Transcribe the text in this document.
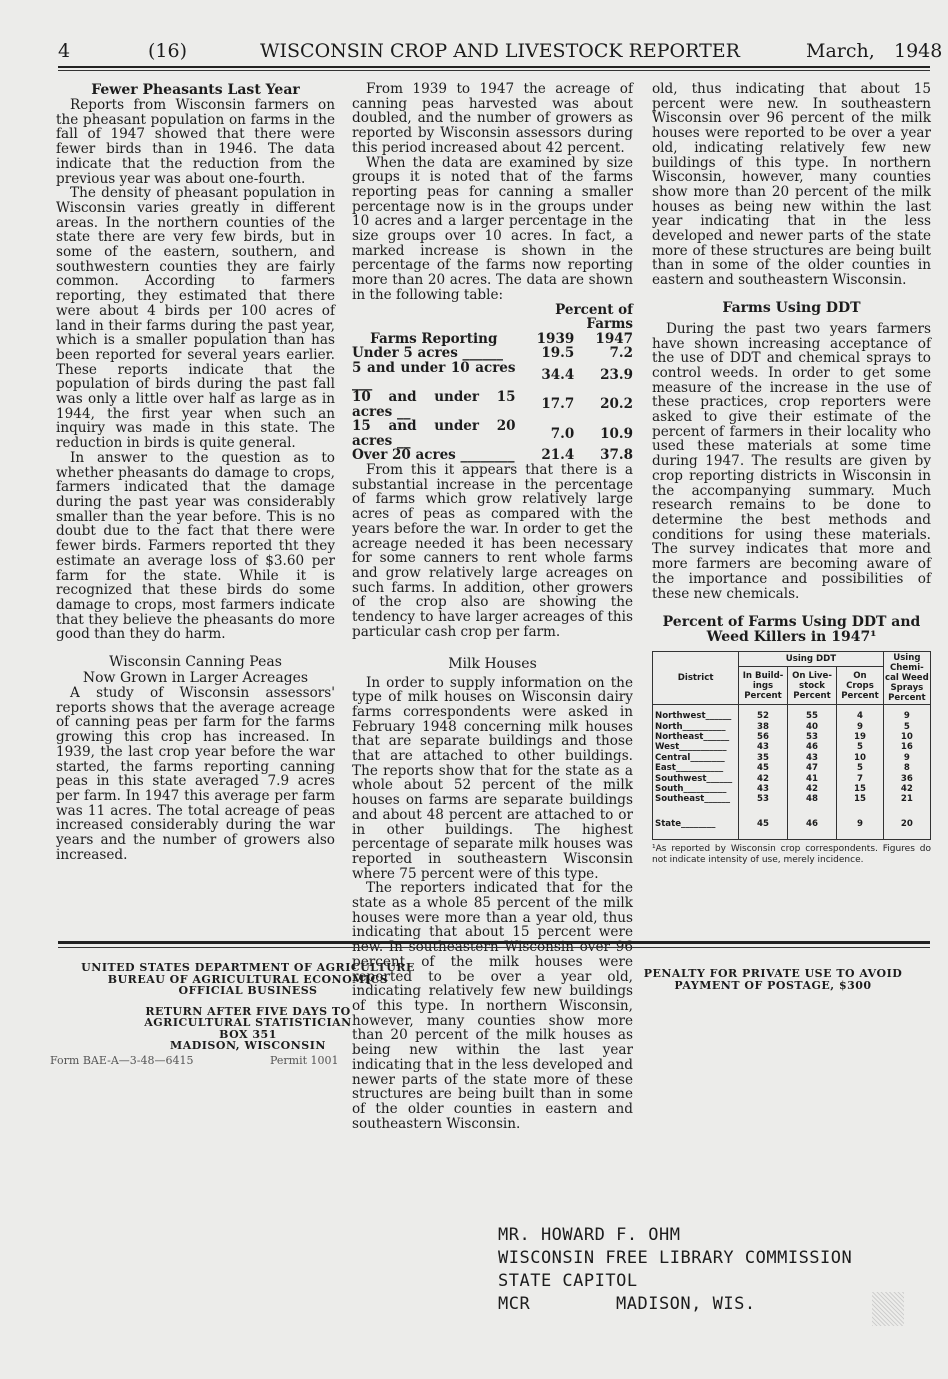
4	(16)	WISCONSIN CROP AND LIVESTOCK REPORTER	March, 1948
Fewer Pheasants Last Year

Reports from Wisconsin farmers on the pheasant population on farms in the fall of 1947 showed that there were fewer birds than in 1946. The data indicate that the reduction from the previous year was about one-fourth.

The density of pheasant population in Wisconsin varies greatly in different areas. In the northern counties of the state there are very few birds, but in some of the eastern, southern, and southwestern counties they are fairly common. According to farmers reporting, they estimated that there were about 4 birds per 100 acres of land in their farms during the past year, which is a smaller population than has been reported for several years earlier. These reports indicate that the population of birds during the past fall was only a little over half as large as in 1944, the first year when such an inquiry was made in this state. The reduction in birds is quite general.

In answer to the question as to whether pheasants do damage to crops, farmers indicated that the damage during the past year was considerably smaller than the year before. This is no doubt due to the fact that there were fewer birds. Farmers reported tht they estimate an average loss of $3.60 per farm for the state. While it is recognized that these birds do some damage to crops, most farmers indicate that they believe the pheasants do more good than they do harm.

Wisconsin Canning Peas
Now Grown in Larger Acreages

A study of Wisconsin assessors' reports shows that the average acreage of canning peas per farm for the farms growing this crop has increased. In 1939, the last crop year before the war started, the farms reporting canning peas in this state averaged 7.9 acres per farm. In 1947 this average per farm was 11 acres. The total acreage of peas increased considerably during the war years and the number of growers also increased.

From 1939 to 1947 the acreage of canning peas harvested was about doubled, and the number of growers as reported by Wisconsin assessors during this period increased about 42 percent.

When the data are examined by size groups it is noted that of the farms reporting peas for canning a smaller percentage now is in the groups under 10 acres and a larger percentage in the size groups over 10 acres. In fact, a marked increase is shown in the percentage of the farms now reporting more than 20 acres. The data are shown in the following table:

	Percent of Farms	
Farms Reporting	1939	1947
Under 5 acres ______	19.5	7.2
5 and under 10 acres ___	34.4	23.9
10 and under 15 acres __	17.7	20.2
15 and under 20 acres __	7.0	10.9
Over 20 acres ________	21.4	37.8

From this it appears that there is a substantial increase in the percentage of farms which grow relatively large acres of peas as compared with the years before the war. In order to get the acreage needed it has been necessary for some canners to rent whole farms and grow relatively large acreages on such farms. In addition, other growers of the crop also are showing the tendency to have larger acreages of this particular cash crop per farm.

Milk Houses

In order to supply information on the type of milk houses on Wisconsin dairy farms correspondents were asked in February 1948 concerning milk houses that are separate buildings and those that are attached to other buildings. The reports show that for the state as a whole about 52 percent of the milk houses on farms are separate buildings and about 48 percent are attached to or in other buildings. The highest percentage of separate milk houses was reported in southeastern Wisconsin where 75 percent were of this type.

The reporters indicated that for the state as a whole 85 percent of the milk houses were more than a year old, thus indicating that about 15 percent were new. In southeastern Wisconsin over 96 percent of the milk houses were reported to be over a year old, indicating relatively few new buildings of this type. In northern Wisconsin, however, many counties show more than 20 percent of the milk houses as being new within the last year indicating that in the less developed and newer parts of the state more of these structures are being built than in some of the older counties in eastern and southeastern Wisconsin.

old, thus indicating that about 15 percent were new. In southeastern Wisconsin over 96 percent of the milk houses were reported to be over a year old, indicating relatively few new buildings of this type. In northern Wisconsin, however, many counties show more than 20 percent of the milk houses as being new within the last year indicating that in the less developed and newer parts of the state more of these structures are being built than in some of the older counties in eastern and southeastern Wisconsin.

Farms Using DDT

During the past two years farmers have shown increasing acceptance of the use of DDT and chemical sprays to control weeds. In order to get some measure of the increase in the use of these practices, crop reporters were asked to give their estimate of the percent of farmers in their locality who used these materials at some time during 1947. The results are given by crop reporting districts in Wisconsin in the accompanying summary. Much research remains to be done to determine the best methods and conditions for using these materials. The survey indicates that more and more farmers are becoming aware of the importance and possibilities of these new chemicals.

Percent of Farms Using DDT and Weed Killers in 1947¹
District	Using DDT			Using Chemi-cal Weed Sprays Percent
	In Build-ings Percent	On Live-stock Percent	On Crops Percent	
Northwest______	52	55	4	9
North__________	38	40	9	5
Northeast______	56	53	19	10
West___________	43	46	5	16
Central________	35	43	10	9
East___________	45	47	5	8
Southwest______	42	41	7	36
South__________	43	42	15	42
Southeast______	53	48	15	21
State________	45	46	9	20
¹As reported by Wisconsin crop correspondents. Figures do not indicate intensity of use, merely incidence.
UNITED STATES DEPARTMENT OF AGRICULTURE
BUREAU OF AGRICULTURAL ECONOMICS
OFFICIAL BUSINESS
RETURN AFTER FIVE DAYS TO
AGRICULTURAL STATISTICIAN
BOX 351
MADISON, WISCONSIN
Form BAE-A—3-48—6415	Permit 1001
PENALTY FOR PRIVATE USE TO AVOID
PAYMENT OF POSTAGE, $300
MR. HOWARD F. OHM
WISCONSIN FREE LIBRARY COMMISSION
STATE CAPITOL
MCR	MADISON, WIS.
